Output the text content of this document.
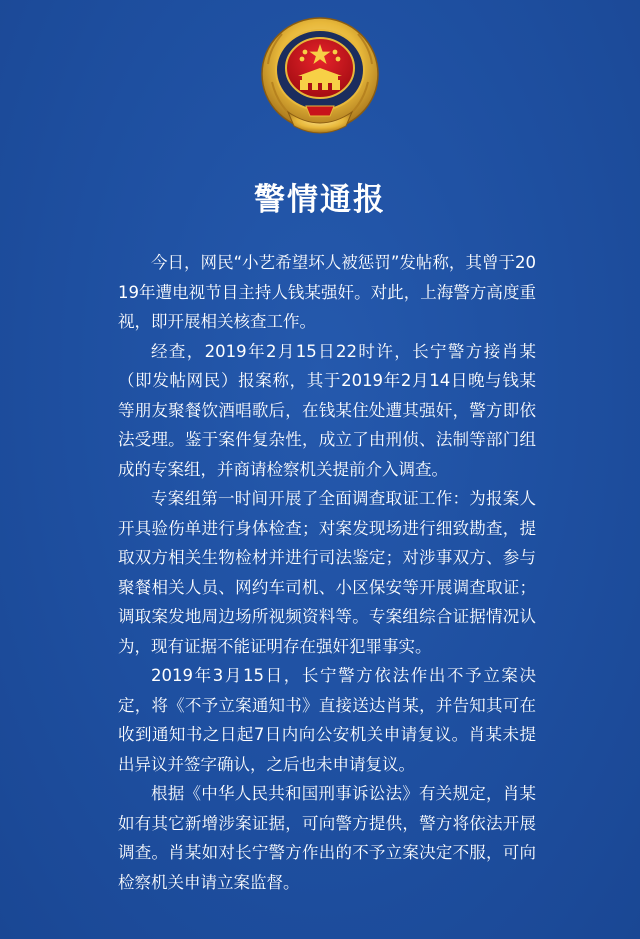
警情通报

今日，网民“小艺希望坏人被惩罚”发帖称，其曾于2019年遭电视节目主持人钱某强奸。对此，上海警方高度重视，即开展相关核查工作。

经查，2019年2月15日22时许，长宁警方接肖某（即发帖网民）报案称，其于2019年2月14日晚与钱某等朋友聚餐饮酒唱歌后，在钱某住处遭其强奸，警方即依法受理。鉴于案件复杂性，成立了由刑侦、法制等部门组成的专案组，并商请检察机关提前介入调查。

专案组第一时间开展了全面调查取证工作：为报案人开具验伤单进行身体检查；对案发现场进行细致勘查，提取双方相关生物检材并进行司法鉴定；对涉事双方、参与聚餐相关人员、网约车司机、小区保安等开展调查取证；调取案发地周边场所视频资料等。专案组综合证据情况认为，现有证据不能证明存在强奸犯罪事实。

2019年3月15日，长宁警方依法作出不予立案决定，将《不予立案通知书》直接送达肖某，并告知其可在收到通知书之日起7日内向公安机关申请复议。肖某未提出异议并签字确认，之后也未申请复议。

根据《中华人民共和国刑事诉讼法》有关规定，肖某如有其它新增涉案证据，可向警方提供，警方将依法开展调查。肖某如对长宁警方作出的不予立案决定不服，可向检察机关申请立案监督。
